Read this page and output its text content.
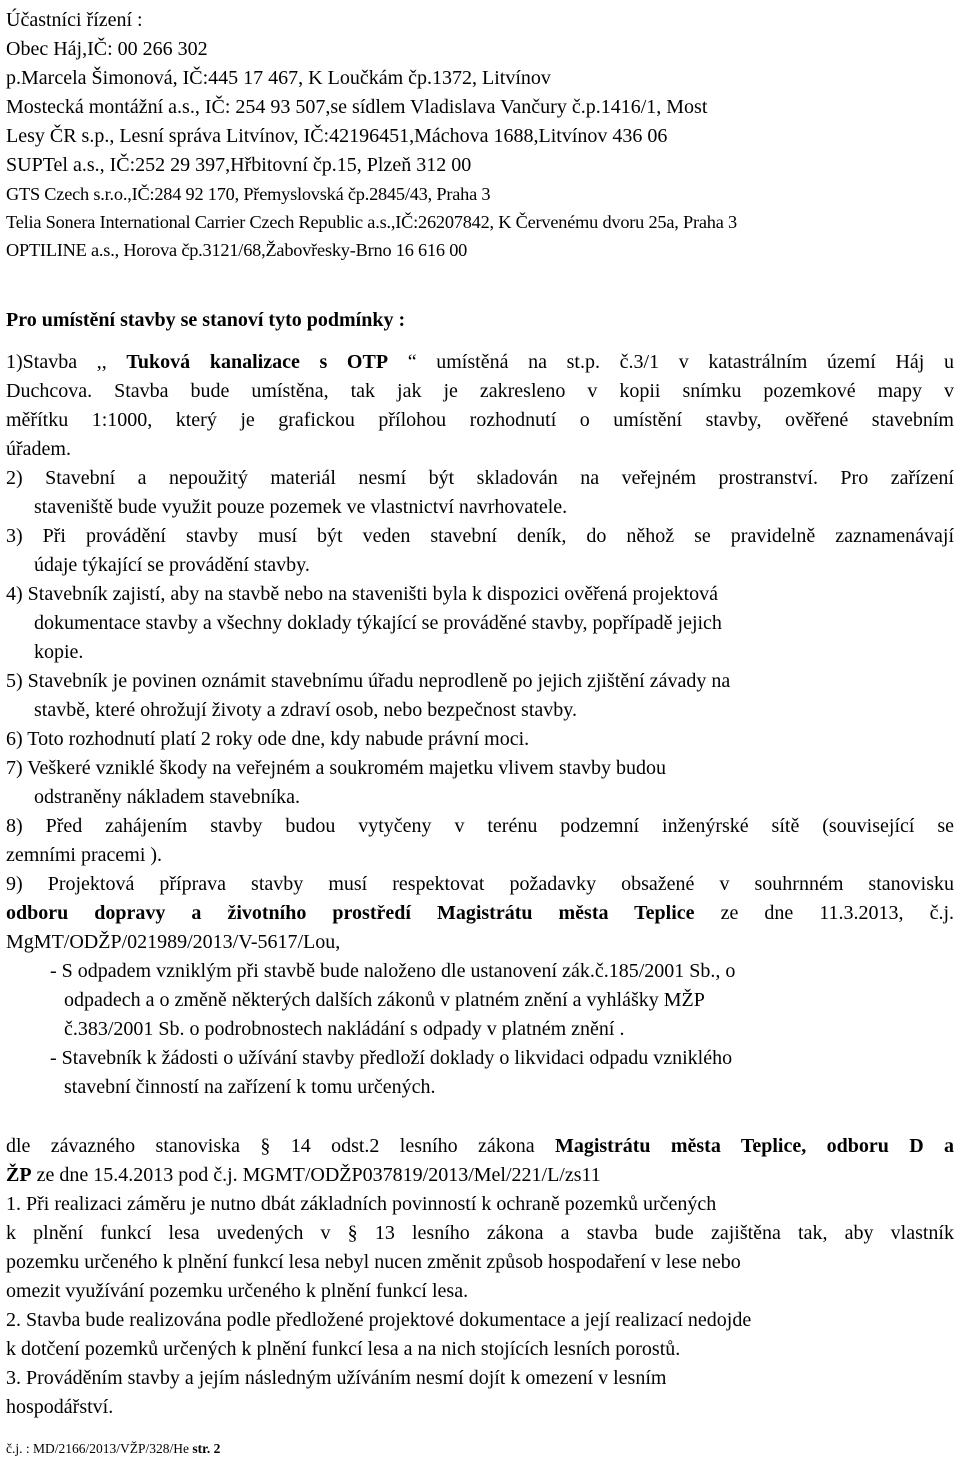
Účastníci řízení :
Obec Háj,IČ: 00 266 302
p.Marcela Šimonová, IČ:445 17 467, K Loučkám čp.1372, Litvínov
Mostecká montážní a.s., IČ: 254 93 507,se sídlem Vladislava Vančury č.p.1416/1, Most
Lesy ČR s.p., Lesní správa Litvínov, IČ:42196451,Máchova 1688,Litvínov 436 06
SUPTel a.s., IČ:252 29 397,Hřbitovní čp.15, Plzeň 312 00
GTS Czech s.r.o.,IČ:284 92 170, Přemyslovská čp.2845/43, Praha 3
Telia Sonera International Carrier Czech Republic a.s.,IČ:26207842, K Červenému dvoru 25a, Praha 3
OPTILINE a.s., Horova čp.3121/68,Žabovřesky-Brno 16 616 00
Pro umístění stavby se stanoví tyto podmínky :
1)Stavba ,, Tuková kanalizace s OTP “ umístěná na st.p. č.3/1 v katastrálním území Háj u
Duchcova. Stavba bude umístěna, tak jak je zakresleno v kopii snímku pozemkové mapy v
měřítku 1:1000, který je grafickou přílohou rozhodnutí o umístění stavby, ověřené stavebním
úřadem.
2) Stavební a nepoužitý materiál nesmí být skladován na veřejném prostranství. Pro zařízení
staveniště bude využit pouze pozemek ve vlastnictví navrhovatele.
3) Při provádění stavby musí být veden stavební deník, do něhož se pravidelně zaznamenávají
údaje týkající se provádění stavby.
4) Stavebník zajistí, aby na stavbě nebo na staveništi byla k dispozici ověřená projektová
dokumentace stavby a všechny doklady týkající se prováděné stavby, popřípadě jejich
kopie.
5) Stavebník je povinen oznámit stavebnímu úřadu neprodleně po jejich zjištění závady na
stavbě, které ohrožují životy a zdraví osob, nebo bezpečnost stavby.
6) Toto rozhodnutí platí 2 roky ode dne, kdy nabude právní moci.
7) Veškeré vzniklé škody na veřejném a soukromém majetku vlivem stavby budou
odstraněny nákladem stavebníka.
8) Před zahájením stavby budou vytyčeny v terénu podzemní inženýrské sítě (související se
zemními pracemi ).
9) Projektová příprava stavby musí respektovat požadavky obsažené v souhrnném stanovisku
odboru dopravy a životního prostředí Magistrátu města Teplice ze dne 11.3.2013, č.j.
MgMT/ODŽP/021989/2013/V-5617/Lou,
- S odpadem vzniklým při stavbě bude naloženo dle ustanovení zák.č.185/2001 Sb., o
odpadech a o změně některých dalších zákonů v platném znění a vyhlášky MŽP
č.383/2001 Sb. o podrobnostech nakládání s odpady v platném znění .
- Stavebník k žádosti o užívání stavby předloží doklady o likvidaci odpadu vzniklého
stavební činností na zařízení k tomu určených.
dle závazného stanoviska § 14 odst.2 lesního zákona Magistrátu města Teplice, odboru D a
ŽP ze dne 15.4.2013 pod č.j. MGMT/ODŽP037819/2013/Mel/221/L/zs11
1. Při realizaci záměru je nutno dbát základních povinností k ochraně pozemků určených
k plnění funkcí lesa uvedených v § 13 lesního zákona a stavba bude zajištěna tak, aby vlastník
pozemku určeného k plnění funkcí lesa nebyl nucen změnit způsob hospodaření v lese nebo
omezit využívání pozemku určeného k plnění funkcí lesa.
2. Stavba bude realizována podle předložené projektové dokumentace a její realizací nedojde
k dotčení pozemků určených k plnění funkcí lesa a na nich stojících lesních porostů.
3. Prováděním stavby a jejím následným užíváním nesmí dojít k omezení v lesním
hospodářství.
č.j. : MD/2166/2013/VŽP/328/He str. 2
